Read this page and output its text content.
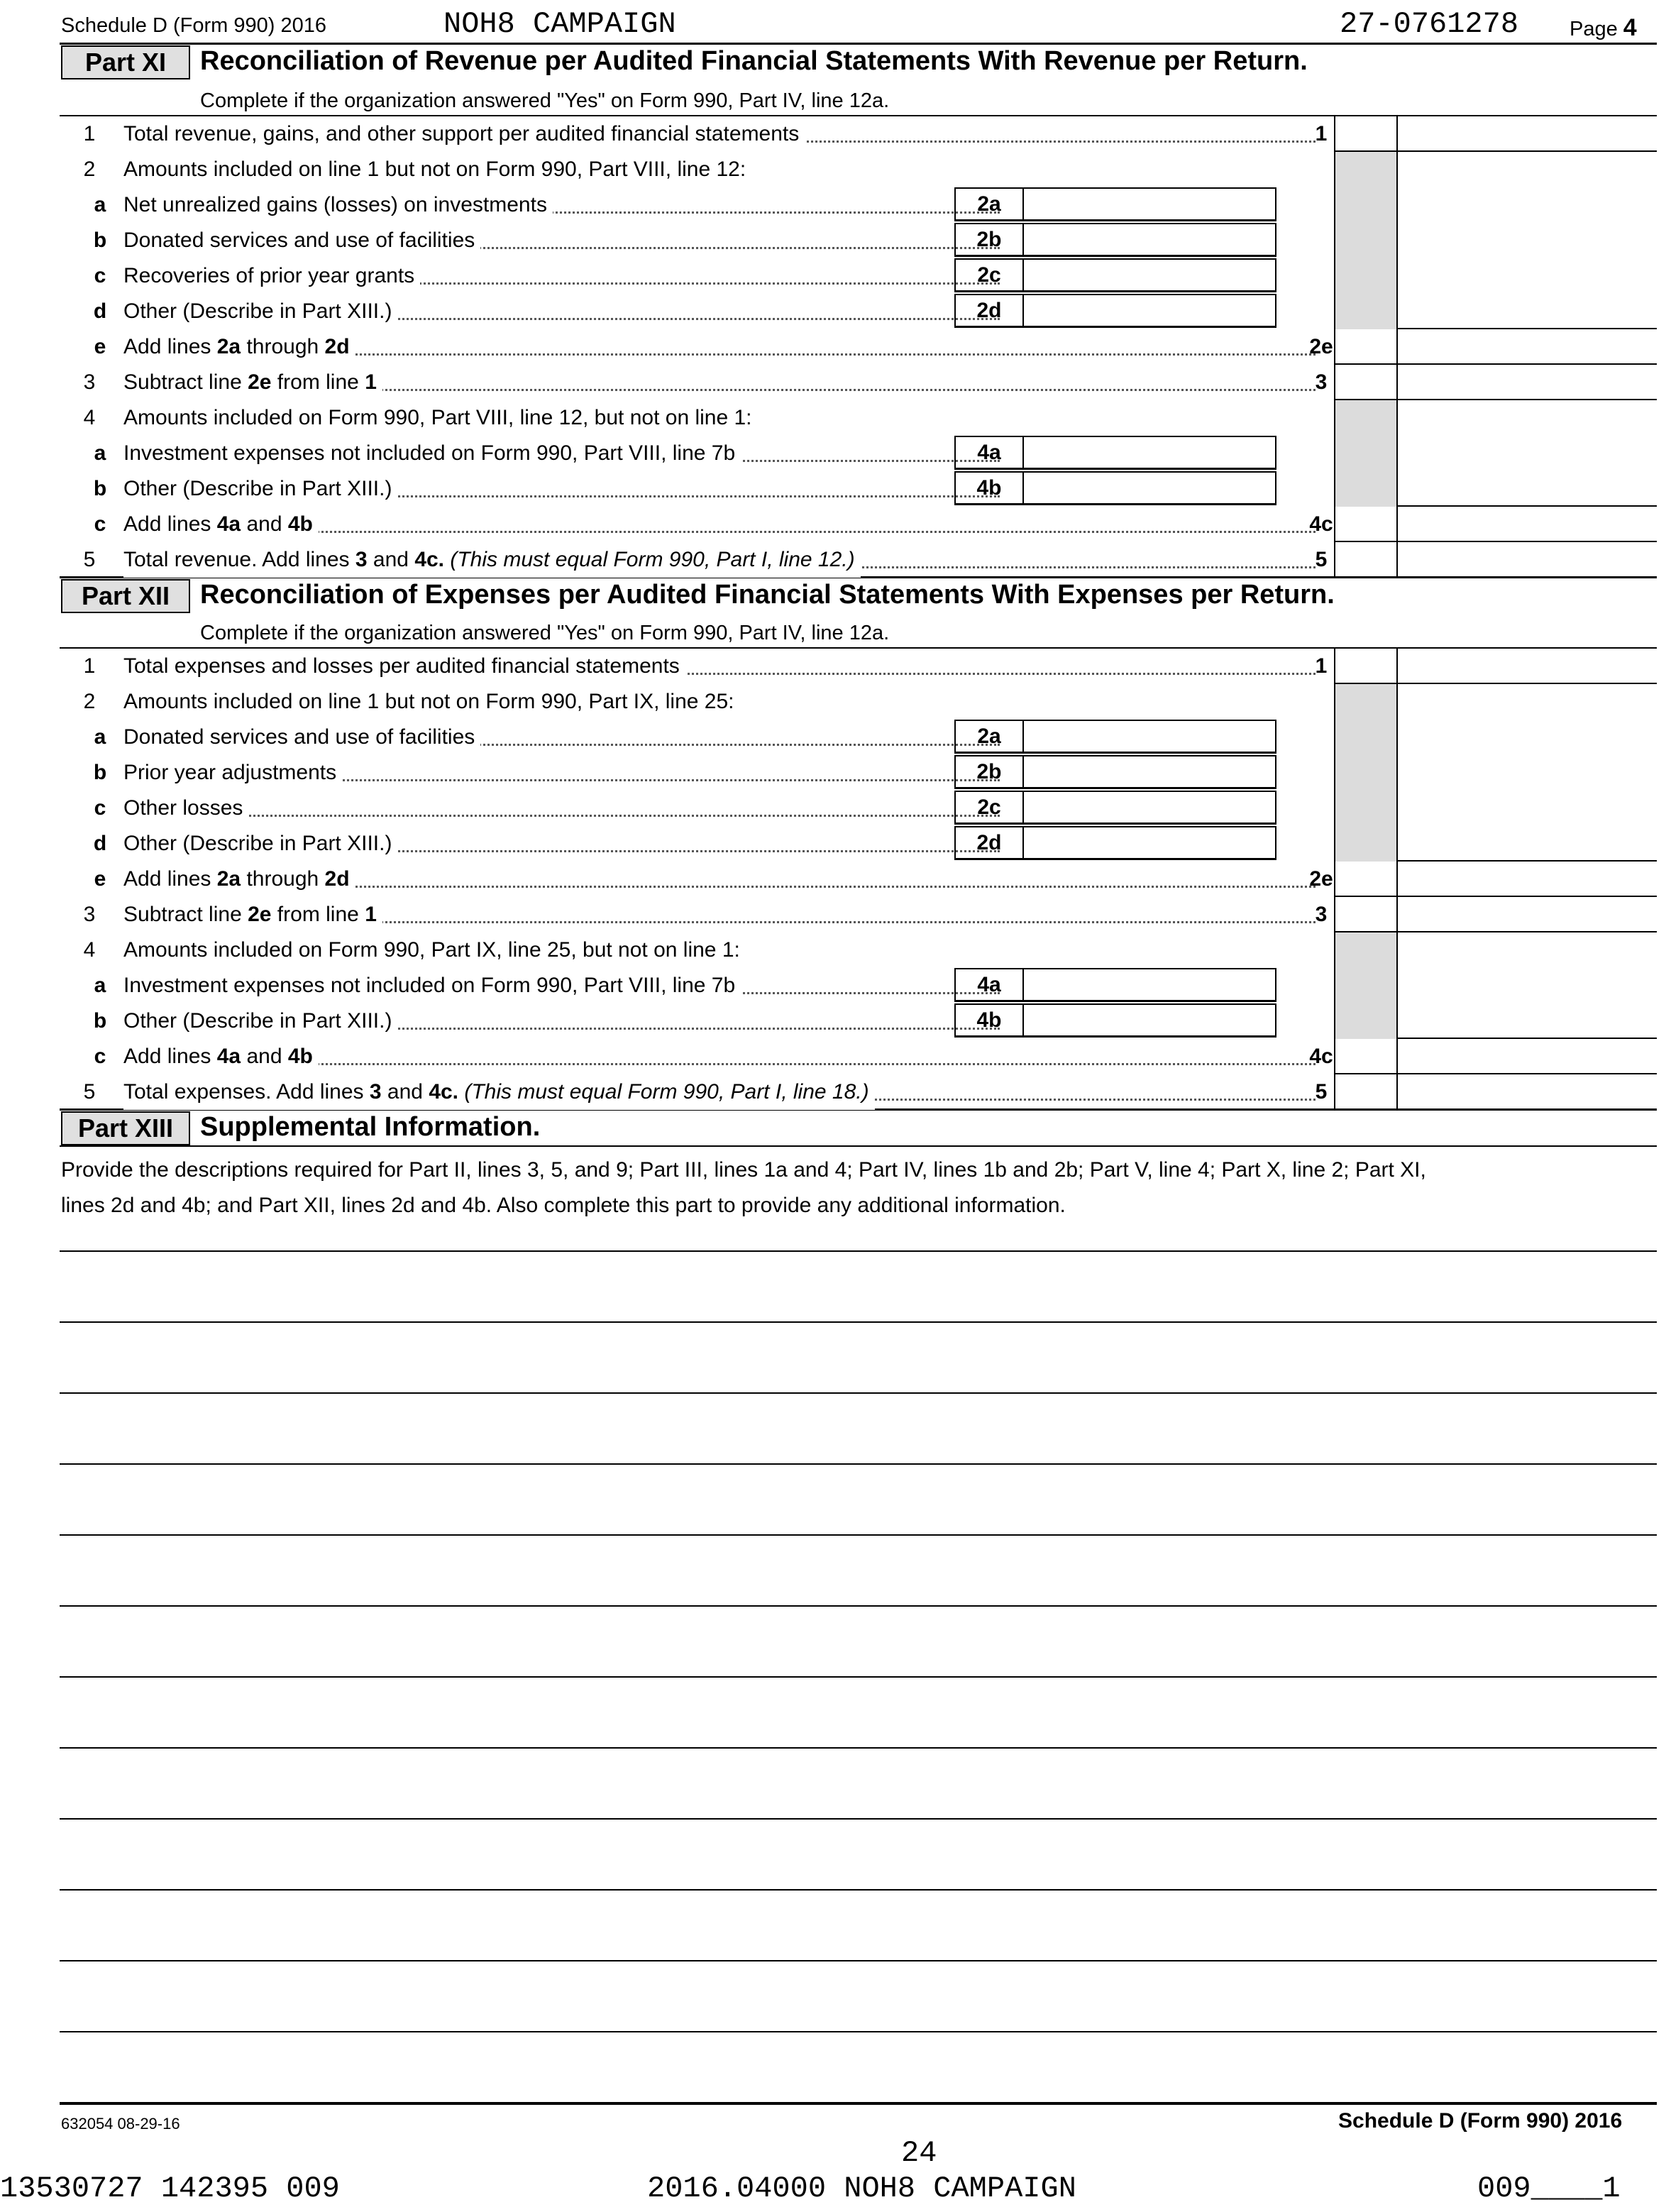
Schedule D (Form 990) 2016	NOH8 CAMPAIGN	27-0761278 Page 4
Part XI	Reconciliation of Revenue per Audited Financial Statements With Revenue per Return.
Complete if the organization answered "Yes" on Form 990, Part IV, line 12a.
1	Total revenue, gains, and other support per audited financial statements	1
2	Amounts included on line 1 but not on Form 990, Part VIII, line 12:
a Net unrealized gains (losses) on investments	2a
b Donated services and use of facilities	2b
c Recoveries of prior year grants	2c
d Other (Describe in Part XIII.)	2d
e Add lines 2a through 2d	2e
3	Subtract line 2e from line 1	3
4	Amounts included on Form 990, Part VIII, line 12, but not on line 1:
a Investment expenses not included on Form 990, Part VIII, line 7b	4a
b Other (Describe in Part XIII.)	4b
c Add lines 4a and 4b	4c
5	Total revenue. Add lines 3 and 4c. (This must equal Form 990, Part I, line 12.)	5
Part XII	Reconciliation of Expenses per Audited Financial Statements With Expenses per Return.
Complete if the organization answered "Yes" on Form 990, Part IV, line 12a.
1	Total expenses and losses per audited financial statements	1
2	Amounts included on line 1 but not on Form 990, Part IX, line 25:
a Donated services and use of facilities	2a
b Prior year adjustments	2b
c Other losses	2c
d Other (Describe in Part XIII.)	2d
e Add lines 2a through 2d	2e
3	Subtract line 2e from line 1	3
4	Amounts included on Form 990, Part IX, line 25, but not on line 1:
a Investment expenses not included on Form 990, Part VIII, line 7b	4a
b Other (Describe in Part XIII.)	4b
c Add lines 4a and 4b	4c
5	Total expenses. Add lines 3 and 4c. (This must equal Form 990, Part I, line 18.)	5
Part XIII Supplemental Information.
Provide the descriptions required for Part II, lines 3, 5, and 9; Part III, lines 1a and 4; Part IV, lines 1b and 2b; Part V, line 4; Part X, line 2; Part XI,
lines 2d and 4b; and Part XII, lines 2d and 4b. Also complete this part to provide any additional information.
632054 08-29-16	Schedule D (Form 990) 2016
24
13530727 142395 009	2016.04000 NOH8 CAMPAIGN	009____1
